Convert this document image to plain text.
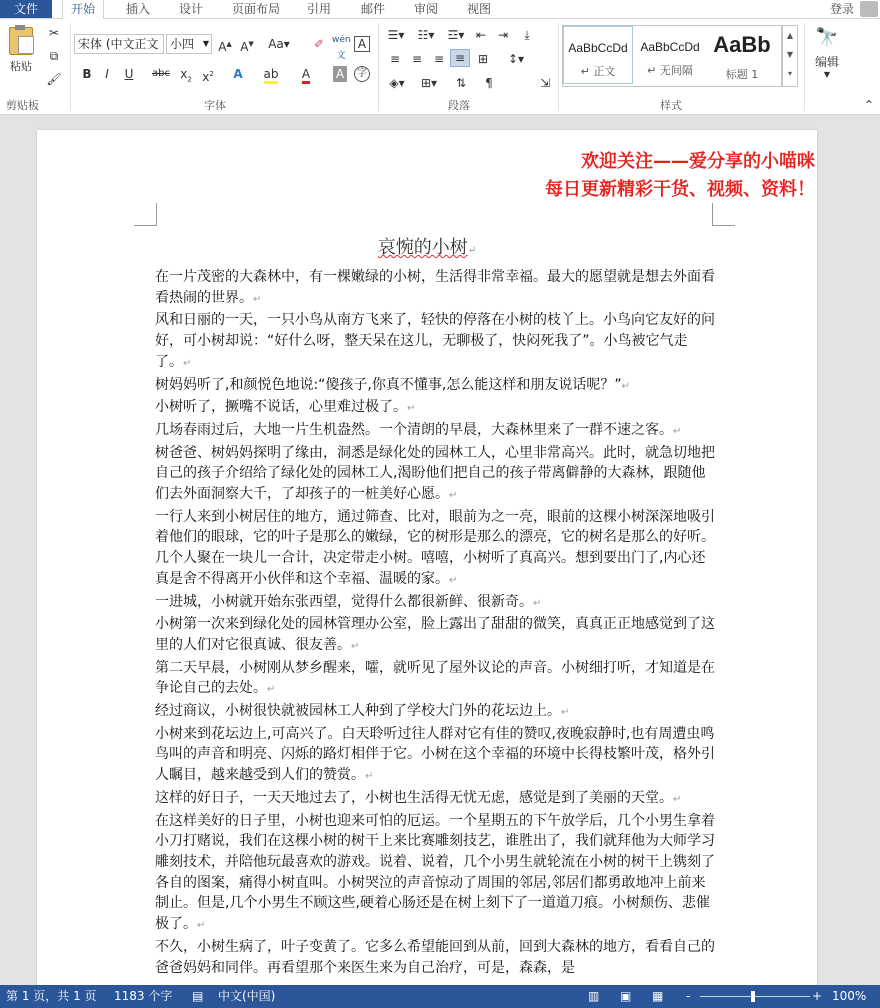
文件	开始	插入 设计 页面布局 引用 邮件 审阅 视图	登录
粘贴
✂
⧉
🖌
剪贴板
宋体 (中文正文 小四 ▼ A▲ A▼ Aa▾	✐ wén
文
A
B	I	U	abc $x_2$ $x^2$	A	ab	A	A	字
字体
☰▾	☷▾	☲▾ ⇤ ⇥	⤓
≡ ≡ ≡ ≡	⊞	↕▾
◈▾ ⊞▾	⇅	¶	⇲
段落
AaBbCcDd
↵ 正文
AaBbCcDd
↵ 无间隔
AaBb
标题 1
▲
▼
▾
样式
🔭
编辑
▼
⌃
欢迎关注——爱分享的小喵咪
每日更新精彩干货、视频、资料！
哀惋的小树↵

在一片茂密的大森林中，有一棵嫩绿的小树，生活得非常幸福。最大的愿望就是想去外面看看热闹的世界。↵

风和日丽的一天，一只小鸟从南方飞来了，轻快的停落在小树的枝丫上。小鸟向它友好的问好，可小树却说：“好什么呀，整天呆在这儿，无聊极了，快闷死我了”。小鸟被它气走了。↵

树妈妈听了,和颜悦色地说:“傻孩子,你真不懂事,怎么能这样和朋友说话呢？”↵

小树听了，撅嘴不说话，心里难过极了。↵

几场春雨过后，大地一片生机盎然。一个清朗的早晨，大森林里来了一群不速之客。↵

树爸爸、树妈妈探明了缘由，洞悉是绿化处的园林工人，心里非常高兴。此时，就急切地把自己的孩子介绍给了绿化处的园林工人,渴盼他们把自己的孩子带离僻静的大森林，跟随他们去外面洞察大千，了却孩子的一桩美好心愿。↵

一行人来到小树居住的地方，通过筛查、比对，眼前为之一亮，眼前的这棵小树深深地吸引着他们的眼球，它的叶子是那么的嫩绿，它的树形是那么的漂亮，它的树名是那么的好听。几个人聚在一块儿一合计，决定带走小树。嘻嘻，小树听了真高兴。想到要出门了,内心还真是舍不得离开小伙伴和这个幸福、温暖的家。↵

一进城，小树就开始东张西望，觉得什么都很新鲜、很新奇。↵

小树第一次来到绿化处的园林管理办公室，脸上露出了甜甜的微笑，真真正正地感觉到了这里的人们对它很真诚、很友善。↵

第二天早晨，小树刚从梦乡醒来，嚯，就听见了屋外议论的声音。小树细打听，才知道是在争论自己的去处。↵

经过商议，小树很快就被园林工人种到了学校大门外的花坛边上。↵

小树来到花坛边上,可高兴了。白天聆听过往人群对它有佳的赞叹,夜晚寂静时,也有周遭虫鸣鸟叫的声音和明亮、闪烁的路灯相伴于它。小树在这个幸福的环境中长得枝繁叶茂，格外引人瞩目，越来越受到人们的赞赏。↵

这样的好日子，一天天地过去了，小树也生活得无忧无虑，感觉是到了美丽的天堂。↵

在这样美好的日子里，小树也迎来可怕的厄运。一个星期五的下午放学后，几个小男生拿着小刀打赌说，我们在这棵小树的树干上来比赛雕刻技艺，谁胜出了，我们就拜他为大师学习雕刻技术，并陪他玩最喜欢的游戏。说着、说着，几个小男生就轮流在小树的树干上镌刻了各自的图案，痛得小树直叫。小树哭泣的声音惊动了周围的邻居,邻居们都勇敢地冲上前来制止。但是,几个小男生不顾这些,硬着心肠还是在树上刻下了一道道刀痕。小树颓伤、悲催极了。↵

不久，小树生病了，叶子变黄了。它多么希望能回到从前，回到大森林的地方，看看自己的爸爸妈妈和同伴。再看望那个来医生来为自己治疗，可是，森森，是

第 1 页，共 1 页 1183 个字 ▤ 中文(中国)	▥ ▣ ▦ -	+ 100%
